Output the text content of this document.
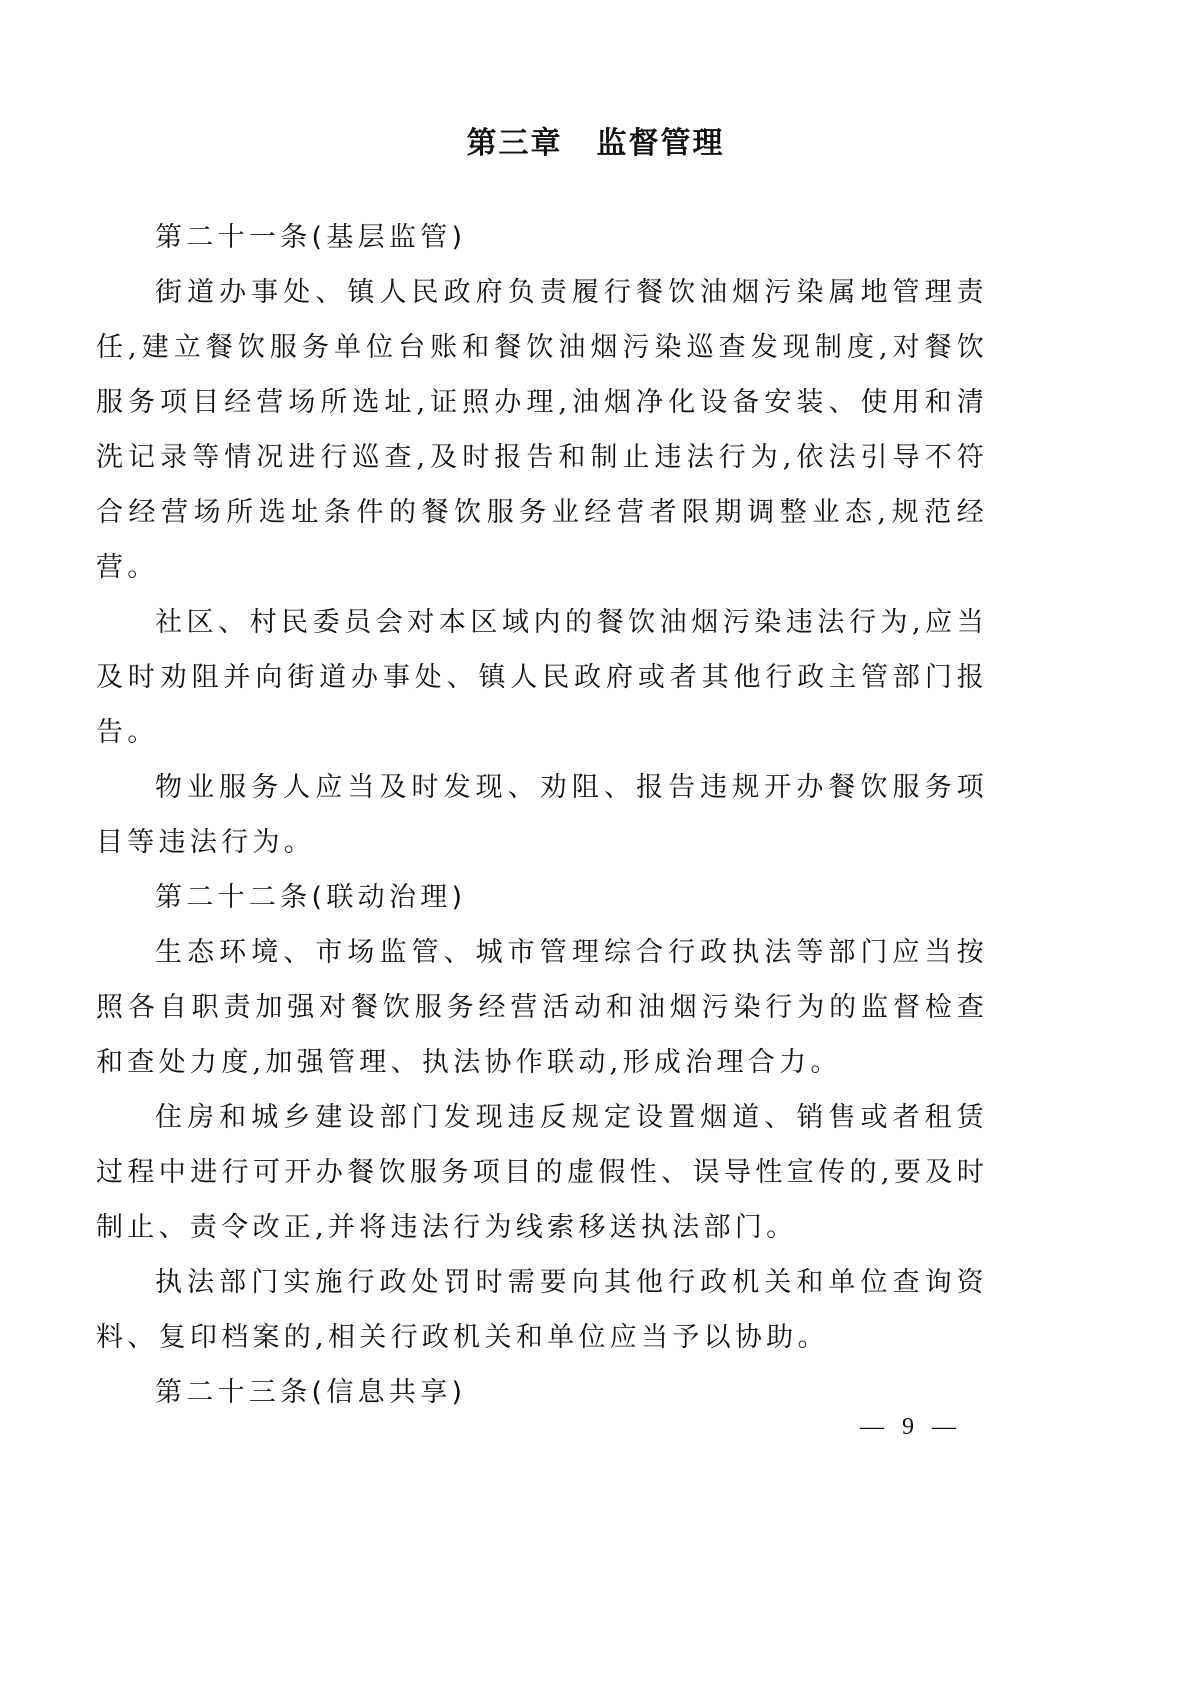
第三章 监督管理

第二十一条(基层监管)

街道办事处、镇人民政府负责履行餐饮油烟污染属地管理责任,建立餐饮服务单位台账和餐饮油烟污染巡查发现制度,对餐饮服务项目经营场所选址,证照办理,油烟净化设备安装、使用和清洗记录等情况进行巡查,及时报告和制止违法行为,依法引导不符合经营场所选址条件的餐饮服务业经营者限期调整业态,规范经营。

社区、村民委员会对本区域内的餐饮油烟污染违法行为,应当及时劝阻并向街道办事处、镇人民政府或者其他行政主管部门报告。

物业服务人应当及时发现、劝阻、报告违规开办餐饮服务项目等违法行为。

第二十二条(联动治理)

生态环境、市场监管、城市管理综合行政执法等部门应当按照各自职责加强对餐饮服务经营活动和油烟污染行为的监督检查和查处力度,加强管理、执法协作联动,形成治理合力。

住房和城乡建设部门发现违反规定设置烟道、销售或者租赁过程中进行可开办餐饮服务项目的虚假性、误导性宣传的,要及时制止、责令改正,并将违法行为线索移送执法部门。

执法部门实施行政处罚时需要向其他行政机关和单位查询资料、复印档案的,相关行政机关和单位应当予以协助。

第二十三条(信息共享)

— 9 —
